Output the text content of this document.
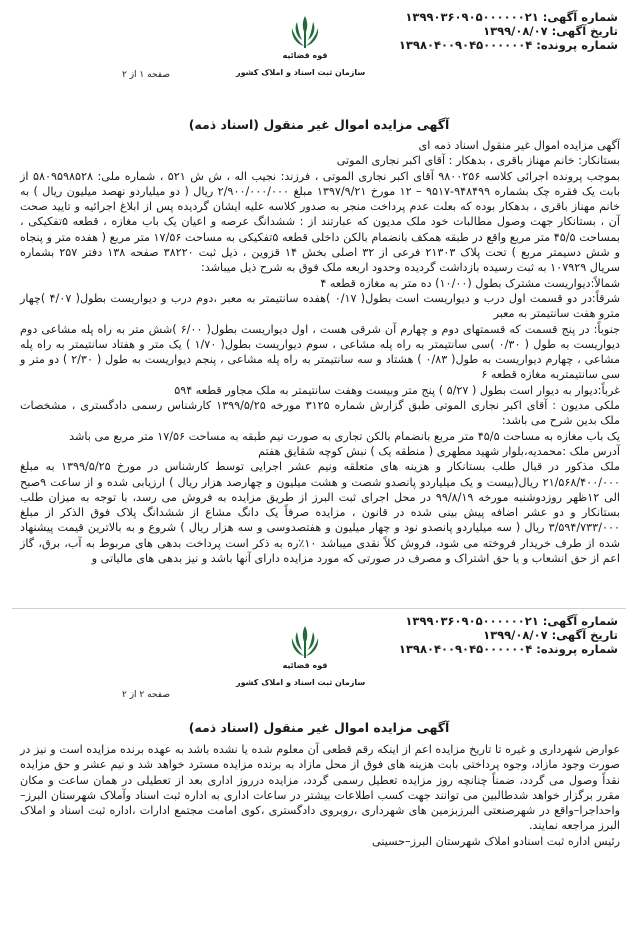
شماره آگهی: ۱۳۹۹۰۳۶۰۹۰۵۰۰۰۰۰۰۲۱
تاریخ آگهی: ۱۳۹۹/۰۸/۰۷
شماره پرونده: ۱۳۹۸۰۴۰۰۹۰۴۵۰۰۰۰۰۰۴
قوه قضائیه
سازمان ثبت اسناد و املاک کشور
صفحه ۱ از ۲
آگهی مزایده اموال غیر منقول (اسناد ذمه)

آگهی مزایده اموال غیر منقول اسناد ذمه ای

بستانکار: خانم مهناز باقری ، بدهکار : آقای اکبر نجاری الموتی

بموجب پرونده اجرائی کلاسه ۹۸۰۰۲۵۶ آقای اکبر نجاری الموتی ، فرزند: نجیب اله ، ش ش ۵۲۱ ، شماره ملی: ۵۸۰۹۵۹۸۵۲۸ از بابت یک فقره چک بشماره ۹۴۸۴۹۹-۹۵۱۷ – ۱۲ مورخ ۱۳۹۷/۹/۲۱ مبلغ ۲/۹۰۰/۰۰۰/۰۰۰ ریال ( دو میلیاردو نهصد میلیون ریال ) به خانم مهناز باقری ، بدهکار بوده که بعلت عدم پرداخت منجر به صدور کلاسه علیه ایشان گردیده پس از ابلاغ اجرائیه و تایید صحت آن ، بستانکار جهت وصول مطالبات خود ملک مدیون که عبارتند از : ششدانگ عرصه و اعیان یک باب مغازه ، قطعه ۵تفکیکی ، بمساحت ۴۵/۵ متر مربع واقع در طبقه همکف بانضمام بالکن داخلی قطعه ۵تفکیکی به مساحت ۱۷/۵۶ متر مربع ( هفده متر و پنجاه و شش دسیمتر مربع ) تحت پلاک ۲۱۳۰۳ فرعی از ۳۲ اصلی بخش ۱۴ قزوین ، ذیل ثبت ۳۸۲۲۰ صفحه ۱۳۸ دفتر ۲۵۷ بشماره سریال ۱۰۷۹۲۹ به ثبت رسیده بازداشت گردیده وحدود اربعه ملک فوق به شرح ذیل میباشد:

شمالاً:دیواریست مشترک بطول (۱۰/۰۰) ده متر به مغازه قطعه ۴

شرقاً:در دو قسمت اول درب و دیواریست است بطول( ۰/۱۷ )هفده سانتیمتر به معبر ،دوم درب و دیواریست بطول( ۴/۰۷ )چهار مترو هفت سانتیمتر به معبر

جنوباً: در پنج قسمت که قسمتهای دوم و چهارم آن شرقی هست ، اول دیواریست بطول( ۶/۰۰ )شش متر به راه پله مشاعی دوم دیواریست به طول ( ۰/۳۰ )سی سانتیمتر به راه پله مشاعی ، سوم دیواریست بطول( ۱/۷۰ ) یک متر و هفتاد سانتیمتر به راه پله مشاعی ، چهارم دیواریست به طول( ۰/۸۳ ) هشتاد و سه سانتیمتر به راه پله مشاعی ، پنجم دیواریست به طول ( ۲/۳۰ ) دو متر و سی سانتیمتربه مغازه قطعه ۶

غرباً:دیوار به دیوار است بطول ( ۵/۲۷ ) پنج متر وبیست وهفت سانتیمتر به ملک مجاور قطعه ۵۹۴

ملکی مدیون : آقای اکبر نجاری الموتی طبق گزارش شماره ۳۱۲۵ مورخه ۱۳۹۹/۵/۲۵ کارشناس رسمی دادگستری ، مشخصات ملک بدین شرح می باشد:

یک باب مغازه به مساحت ۴۵/۵ متر مربع بانضمام بالکن تجاری به صورت نیم طبقه به مساحت ۱۷/۵۶ متر مربع می باشد

آدرس ملک :محمدیه،بلوار شهید مطهری ( منطقه یک ) نبش کوچه شقایق هفتم

ملک مذکور در قبال طلب بستانکار و هزینه های متعلقه ونیم عشر اجرایی توسط کارشناس در مورخ ۱۳۹۹/۵/۲۵ به مبلغ ۲۱/۵۶۸/۴۰۰/۰۰۰ ریال(بیست و یک میلیاردو پانصدو شصت و هشت میلیون و چهارصد هزار ریال ) ارزیابی شده و از ساعت ۹صبح الی ۱۲ظهر روزدوشنبه مورخه ۹۹/۸/۱۹ در محل اجرای ثبت البرز از طریق مزایده به فروش می رسد، با توجه به میزان طلب بستانکار و دو عشر اضافه پیش بینی شده در قانون ، مزایده صرفاً یک دانگ مشاع از ششدانگ پلاک فوق الذکر از مبلغ ۳/۵۹۴/۷۳۳/۰۰۰ ریال ( سه میلیاردو پانصدو نود و چهار میلیون و هفتصدوسی و سه هزار ریال ) شروع و به بالاترین قیمت پیشنهاد شده از طرف خریدار فروخته می شود، فروش کلاً نقدی میباشد ۱۰٪ره به ذکر است پرداخت بدهی های مربوط به آب، برق، گاز اعم از حق انشعاب و یا حق اشتراک و مصرف در صورتی که مورد مزایده دارای آنها باشد و نیز بدهی های مالیاتی و

شماره آگهی: ۱۳۹۹۰۳۶۰۹۰۵۰۰۰۰۰۰۲۱
تاریخ آگهی: ۱۳۹۹/۰۸/۰۷
شماره پرونده: ۱۳۹۸۰۴۰۰۹۰۴۵۰۰۰۰۰۰۴
قوه قضائیه
سازمان ثبت اسناد و املاک کشور
صفحه ۲ از ۲
آگهی مزایده اموال غیر منقول (اسناد ذمه)

عوارض شهرداری و غیره تا تاریخ مزایده اعم از اینکه رقم قطعی آن معلوم شده یا نشده باشد به عهده برنده مزایده است و نیز در صورت وجود مازاد، وجوه پرداختی بابت هزینه های فوق از محل مازاد به برنده مزایده مسترد خواهد شد و نیم عشر و حق مزایده نقداً وصول می گردد، ضمناً چنانچه روز مزایده تعطیل رسمی گردد، مزایده درروز اداری بعد از تعطیلی در همان ساعت و مکان مقرر برگزار خواهد شدطالبین می توانند جهت کسب اطلاعات بیشتر در ساعات اداری به اداره ثبت اسناد وآملاک شهرستان البرز–واحداجرا–واقع در شهرصنعتی البرزبزمین های شهرداری ،روبروی دادگستری ،کوی امامت مجتمع ادارات ،اداره ثبت اسناد و املاک البرز مراجعه نمایند.

رئیس اداره ثبت اسنادو املاک شهرستان البرز–حسینی
